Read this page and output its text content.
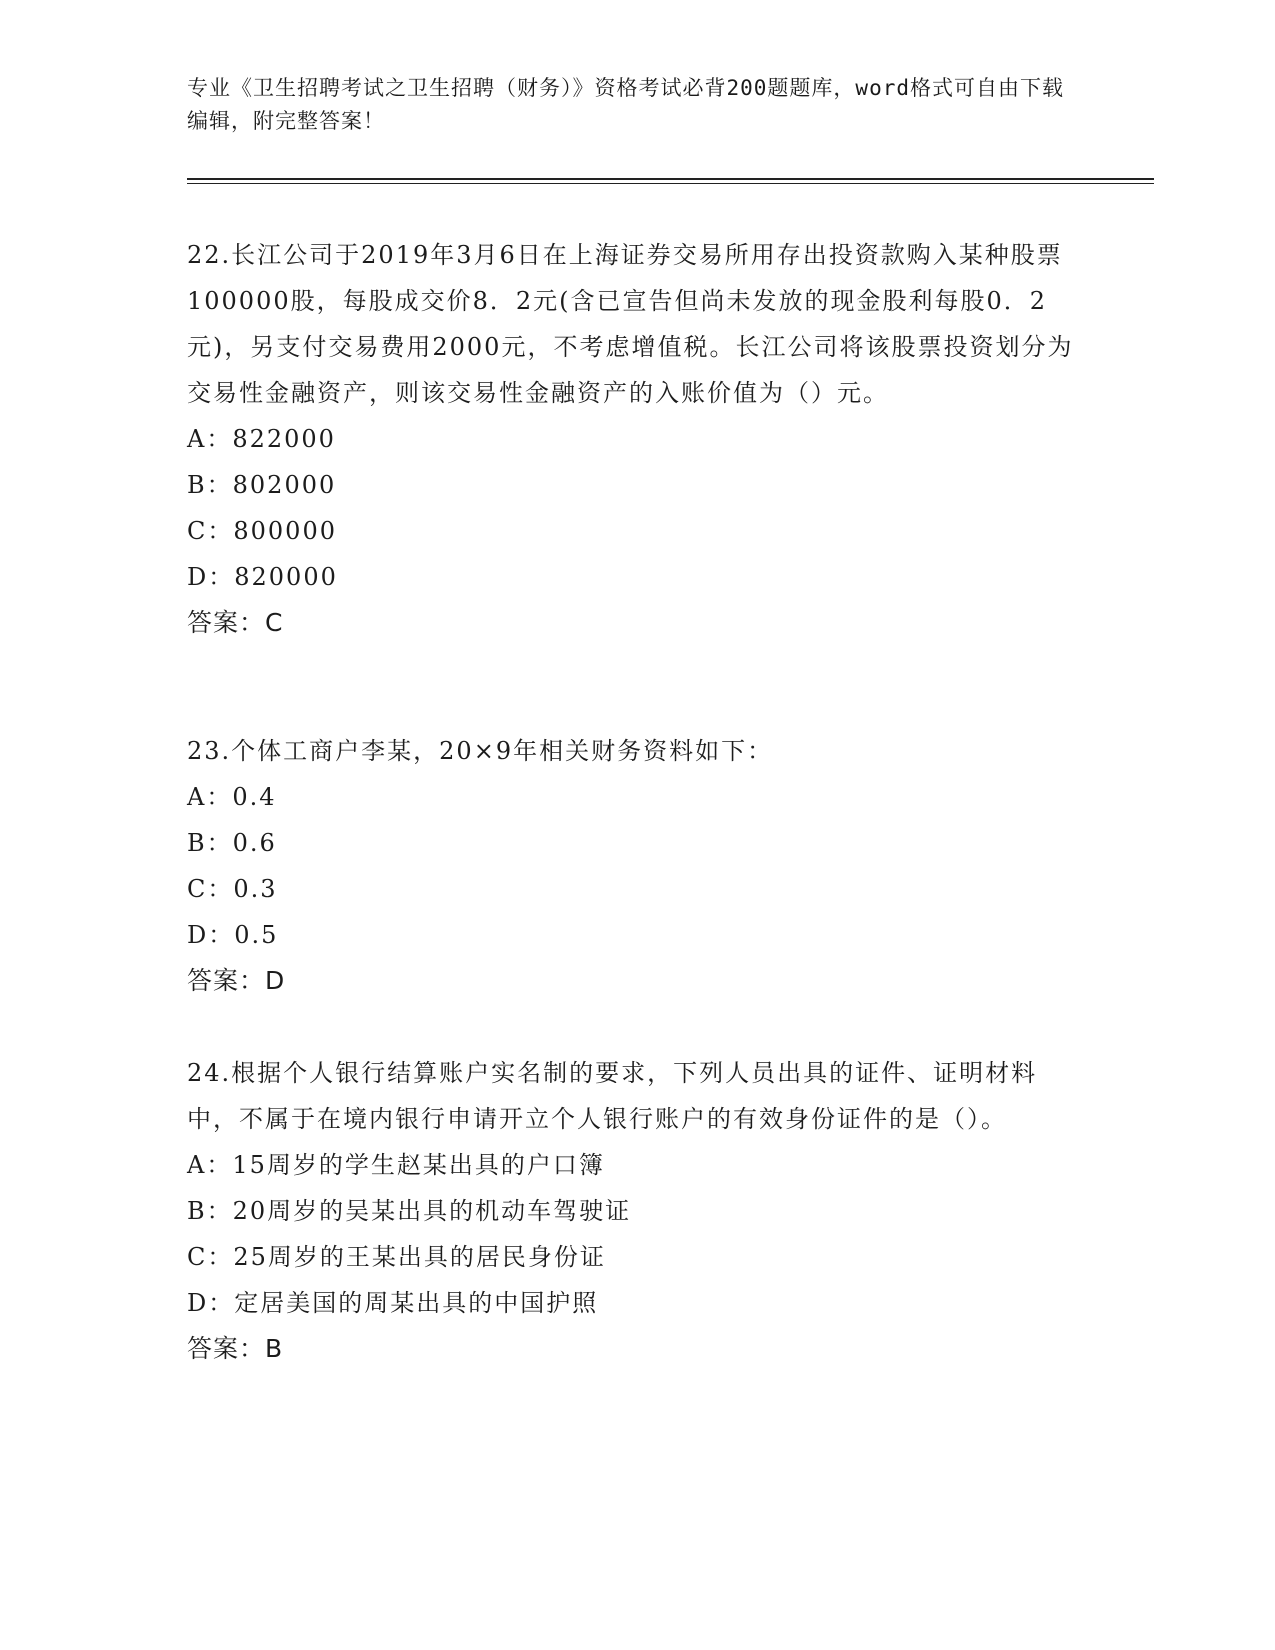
专业《卫生招聘考试之卫生招聘（财务）》资格考试必背200题题库，word格式可自由下载编辑，附完整答案！

22.长江公司于2019年3月6日在上海证券交易所用存出投资款购入某种股票100000股，每股成交价8．2元(含已宣告但尚未发放的现金股利每股0．2元)，另支付交易费用2000元，不考虑增值税。长江公司将该股票投资划分为交易性金融资产，则该交易性金融资产的入账价值为（）元。

A：822000

B：802000

C：800000

D：820000

答案：C

23.个体工商户李某，20×9年相关财务资料如下：

A：0.4

B：0.6

C：0.3

D：0.5

答案：D

24.根据个人银行结算账户实名制的要求，下列人员出具的证件、证明材料中，不属于在境内银行申请开立个人银行账户的有效身份证件的是（）。

A：15周岁的学生赵某出具的户口簿

B：20周岁的吴某出具的机动车驾驶证

C：25周岁的王某出具的居民身份证

D：定居美国的周某出具的中国护照

答案：B
